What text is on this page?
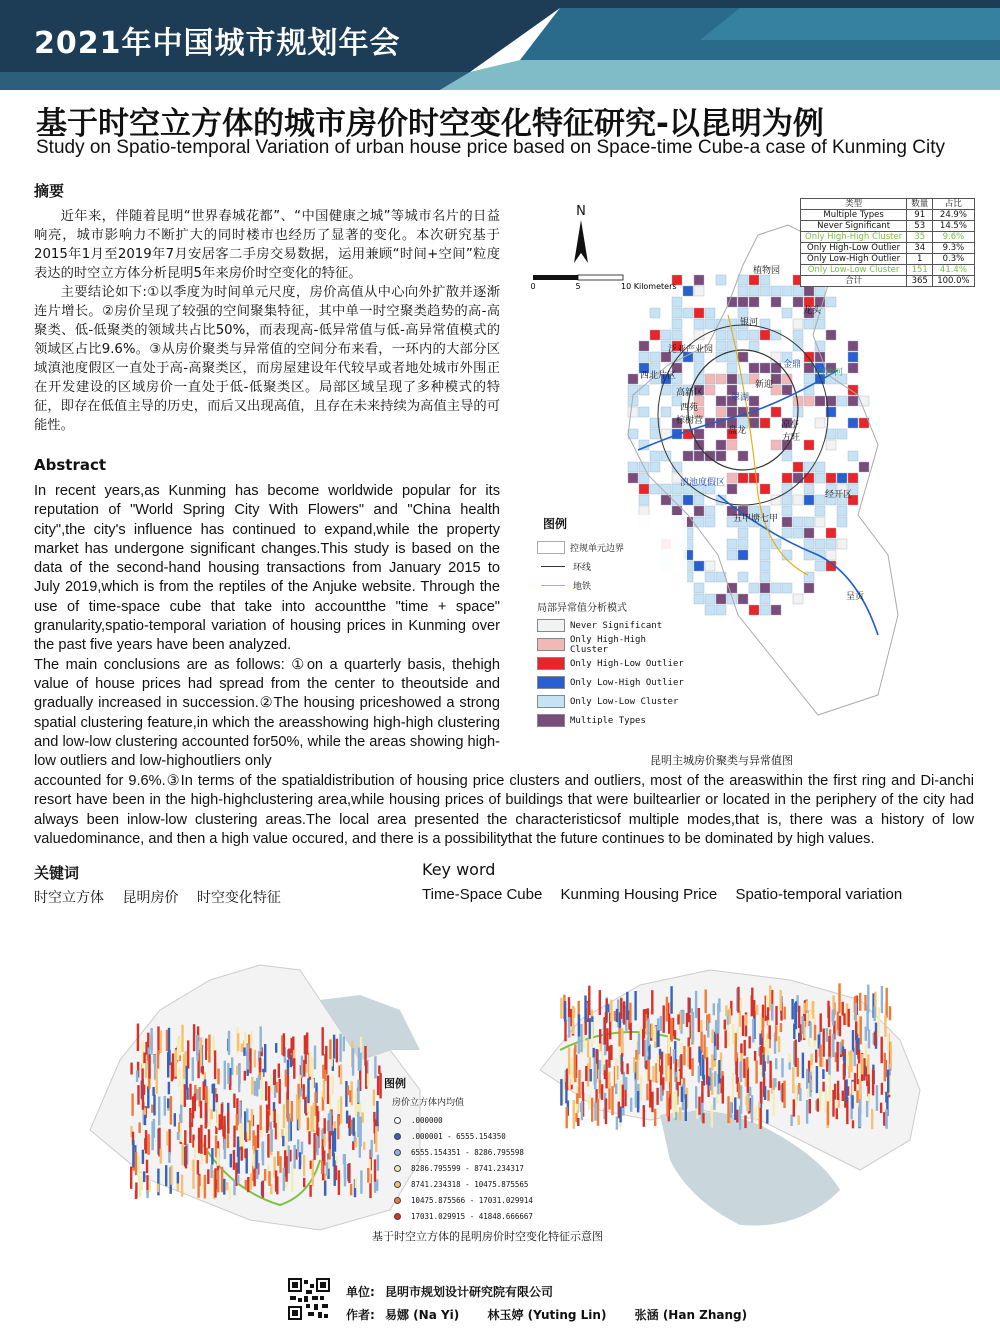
2021年中国城市规划年会
基于时空立方体的城市房价时空变化特征研究-以昆明为例
Study on Spatio-temporal Variation of urban house price based on Space-time Cube-a case of Kunming City
摘要

近年来，伴随着昆明“世界春城花都”、“中国健康之城”等城市名片的日益响亮，城市影响力不断扩大的同时楼市也经历了显著的变化。本次研究基于2015年1月至2019年7月安居客二手房交易数据，运用兼顾“时间+空间”粒度表达的时空立方体分析昆明5年来房价时空变化的特征。

主要结论如下:①以季度为时间单元尺度，房价高值从中心向外扩散并逐渐连片增长。②房价呈现了较强的空间聚集特征，其中单一时空聚类趋势的高-高聚类、低-低聚类的领域共占比50%，而表现高-低异常值与低-高异常值模式的领域区占比9.6%。③从房价聚类与异常值的空间分布来看，一环内的大部分区域滇池度假区一直处于高-高聚类区，而房屋建设年代较早或者地处城市外围正在开发建设的区域房价一直处于低-低聚类区。局部区域呈现了多种模式的特征，即存在低值主导的历史，而后又出现高值，且存在未来持续为高值主导的可能性。

Abstract
In recent years,as Kunming has become worldwide popular for its reputation of "World Spring City With Flowers" and "China health city",the city's influence has continued to expand,while the property market has undergone significant changes.This study is based on the data of the second-hand housing transactions from January 2015 to July 2019,which is from the reptiles of the Anjuke website. Through the use of time-space cube that take into accountthe "time + space" granularity,spatio-temporal variation of housing prices in Kunming over the past five years have been analyzed.
The main conclusions are as follows: ①on a quarterly basis, thehigh value of house prices had spread from the center to theoutside and gradually increased in succession.②The housing priceshowed a strong spatial clustering feature,in which the areasshowing high-high clustering and low-low clustering accounted for50%, while the areas showing high-low outliers and low-highoutliers only
accounted for 9.6%.③In terms of the spatialdistribution of housing price clusters and outliers, most of the areaswithin the first ring and Di-anchi resort have been in the high-highclustering area,while housing prices of buildings that were builtearlier or located in the periphery of the city had always been inlow-low clustering areas.The local area presented the characteristicsof multiple modes,that is, there was a history of low valuedominance, and then a high value occured, and there is a possibilitythat the future continues to be dominated by high values.
关键词
时空立方体 昆明房价 时空变化特征
Key word
Time-Space Cube Kunming Housing Price Spatio-temporal variation
N
0	5	10 Kilometers
植物园
龙头
银河
泛亚产业园
西北片区
高新区
西苑
棕树营
翠湖
新迎
金鼎
白沙河
盘龙
凉亭
方旺
滇池度假区
经开区
五甲塘 七甲
呈贡
类型	数量	占比
Multiple Types	91	24.9%
Never Significant	53	14.5%
Only High-High Cluster	35	9.6%
Only High-Low Outlier	34	9.3%
Only Low-High Outlier	1	0.3%
Only Low-Low Cluster	151	41.4%
合计	365	100.0%
图例
控规单元边界
环线
地铁
局部异常值分析模式
Never Significant
Only High-High Cluster
Only High-Low Outlier
Only Low-High Outlier
Only Low-Low Cluster
Multiple Types
昆明主城房价聚类与异常值图
图例
房价立方体内均值
.000000
.000001 - 6555.154350
6555.154351 - 8286.795598
8286.795599 - 8741.234317
8741.234318 - 10475.875565
10475.875566 - 17031.029914
17031.029915 - 41848.666667
基于时空立方体的昆明房价时空变化特征示意图
单位: 昆明市规划设计研究院有限公司
作者: 易娜 (Na Yi) 林玉婷 (Yuting Lin) 张涵 (Han Zhang)
